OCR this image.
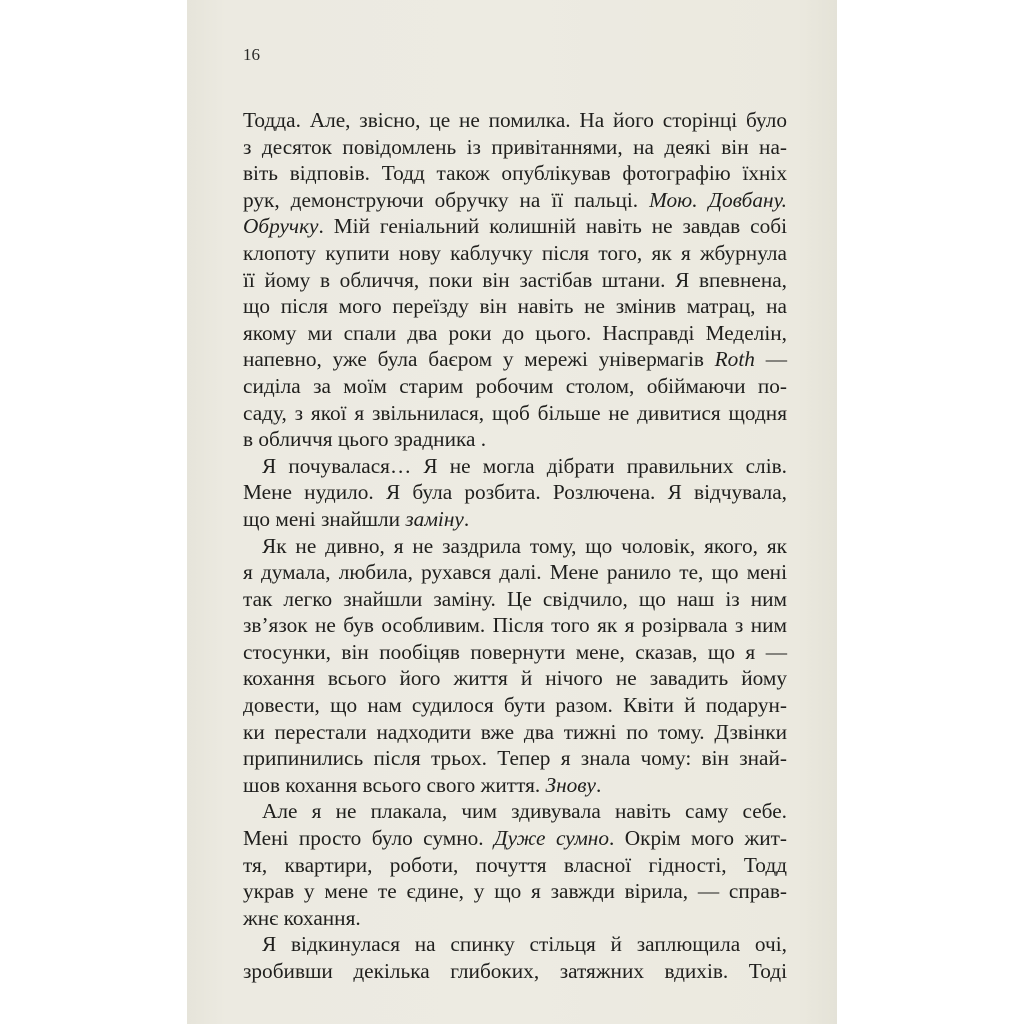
16
Тодда. Але, звісно, це не помилка. На його сторінці було
з десяток повідомлень із привітаннями, на деякі він на-
віть відповів. Тодд також опублікував фотографію їхніх
рук, демонструючи обручку на її пальці. Мою. Довбану.
Обручку. Мій геніальний колишній навіть не завдав собі
клопоту купити нову каблучку після того, як я жбурнула
її йому в обличчя, поки він застібав штани. Я впевнена,
що після мого переїзду він навіть не змінив матрац, на
якому ми спали два роки до цього. Насправді Меделін,
напевно, уже була баєром у мережі універмагів Roth —
сиділа за моїм старим робочим столом, обіймаючи по-
саду, з якої я звільнилася, щоб більше не дивитися щодня
в обличчя цього зрадника .
Я почувалася… Я не могла дібрати правильних слів.
Мене нудило. Я була розбита. Розлючена. Я відчувала,
що мені знайшли заміну.
Як не дивно, я не заздрила тому, що чоловік, якого, як
я думала, любила, рухався далі. Мене ранило те, що мені
так легко знайшли заміну. Це свідчило, що наш із ним
зв’язок не був особливим. Після того як я розірвала з ним
стосунки, він пообіцяв повернути мене, сказав, що я —
кохання всього його життя й нічого не завадить йому
довести, що нам судилося бути разом. Квіти й подарун-
ки перестали надходити вже два тижні по тому. Дзвінки
припинились після трьох. Тепер я знала чому: він знай-
шов кохання всього свого життя. Знову.
Але я не плакала, чим здивувала навіть саму себе.
Мені просто було сумно. Дуже сумно. Окрім мого жит-
тя, квартири, роботи, почуття власної гідності, Тодд
украв у мене те єдине, у що я завжди вірила, — справ-
жнє кохання.
Я відкинулася на спинку стільця й заплющила очі,
зробивши декілька глибоких, затяжних вдихів. Тоді
